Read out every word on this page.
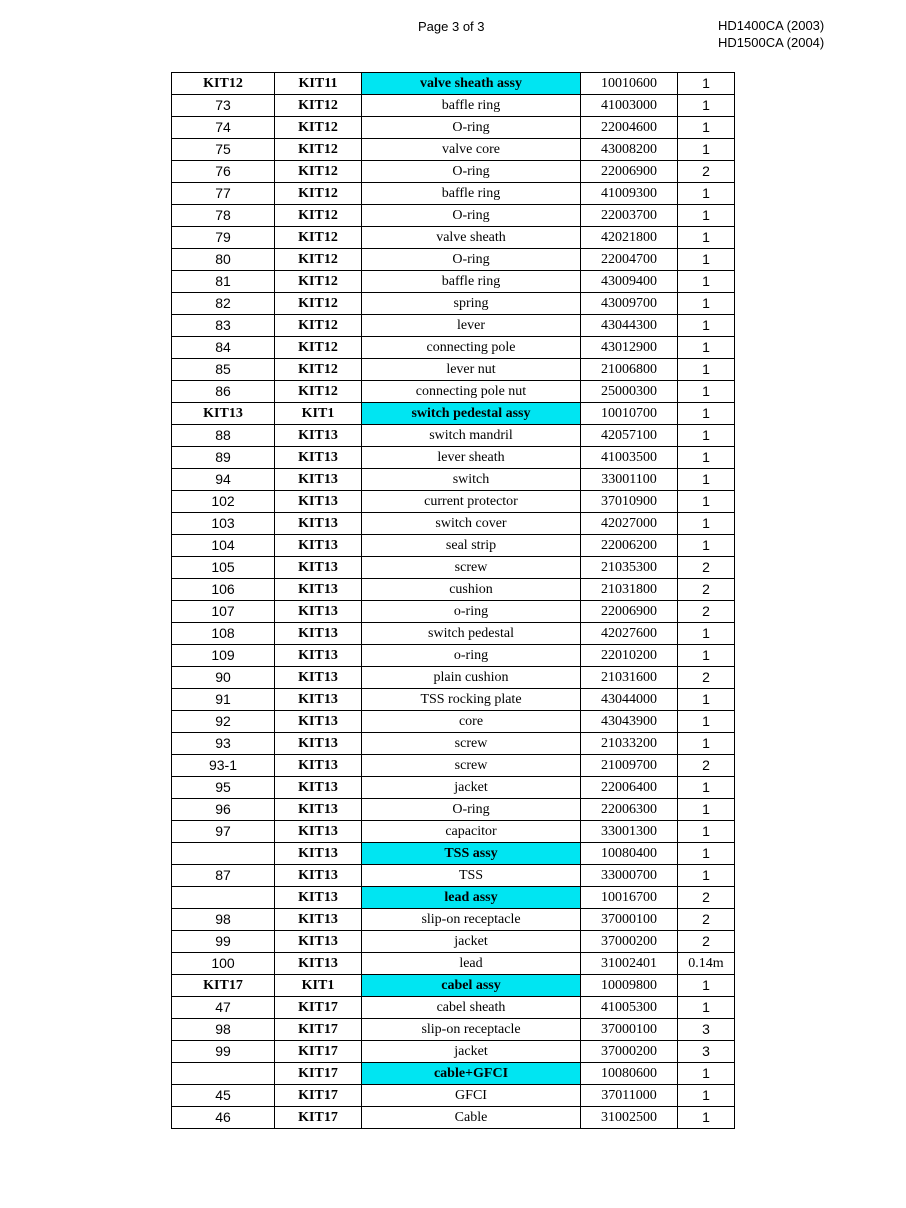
Page 3 of 3	HD1400CA (2003)
HD1500CA (2004)
KIT12	KIT11	valve sheath assy	10010600	1
73	KIT12	baffle ring	41003000	1
74	KIT12	O-ring	22004600	1
75	KIT12	valve core	43008200	1
76	KIT12	O-ring	22006900	2
77	KIT12	baffle ring	41009300	1
78	KIT12	O-ring	22003700	1
79	KIT12	valve sheath	42021800	1
80	KIT12	O-ring	22004700	1
81	KIT12	baffle ring	43009400	1
82	KIT12	spring	43009700	1
83	KIT12	lever	43044300	1
84	KIT12	connecting pole	43012900	1
85	KIT12	lever nut	21006800	1
86	KIT12	connecting pole nut	25000300	1
KIT13	KIT1	switch pedestal assy	10010700	1
88	KIT13	switch mandril	42057100	1
89	KIT13	lever sheath	41003500	1
94	KIT13	switch	33001100	1
102	KIT13	current protector	37010900	1
103	KIT13	switch cover	42027000	1
104	KIT13	seal strip	22006200	1
105	KIT13	screw	21035300	2
106	KIT13	cushion	21031800	2
107	KIT13	o-ring	22006900	2
108	KIT13	switch pedestal	42027600	1
109	KIT13	o-ring	22010200	1
90	KIT13	plain cushion	21031600	2
91	KIT13	TSS rocking plate	43044000	1
92	KIT13	core	43043900	1
93	KIT13	screw	21033200	1
93-1	KIT13	screw	21009700	2
95	KIT13	jacket	22006400	1
96	KIT13	O-ring	22006300	1
97	KIT13	capacitor	33001300	1
	KIT13	TSS assy	10080400	1
87	KIT13	TSS	33000700	1
	KIT13	lead assy	10016700	2
98	KIT13	slip-on receptacle	37000100	2
99	KIT13	jacket	37000200	2
100	KIT13	lead	31002401	0.14m
KIT17	KIT1	cabel assy	10009800	1
47	KIT17	cabel sheath	41005300	1
98	KIT17	slip-on receptacle	37000100	3
99	KIT17	jacket	37000200	3
	KIT17	cable+GFCI	10080600	1
45	KIT17	GFCI	37011000	1
46	KIT17	Cable	31002500	1
